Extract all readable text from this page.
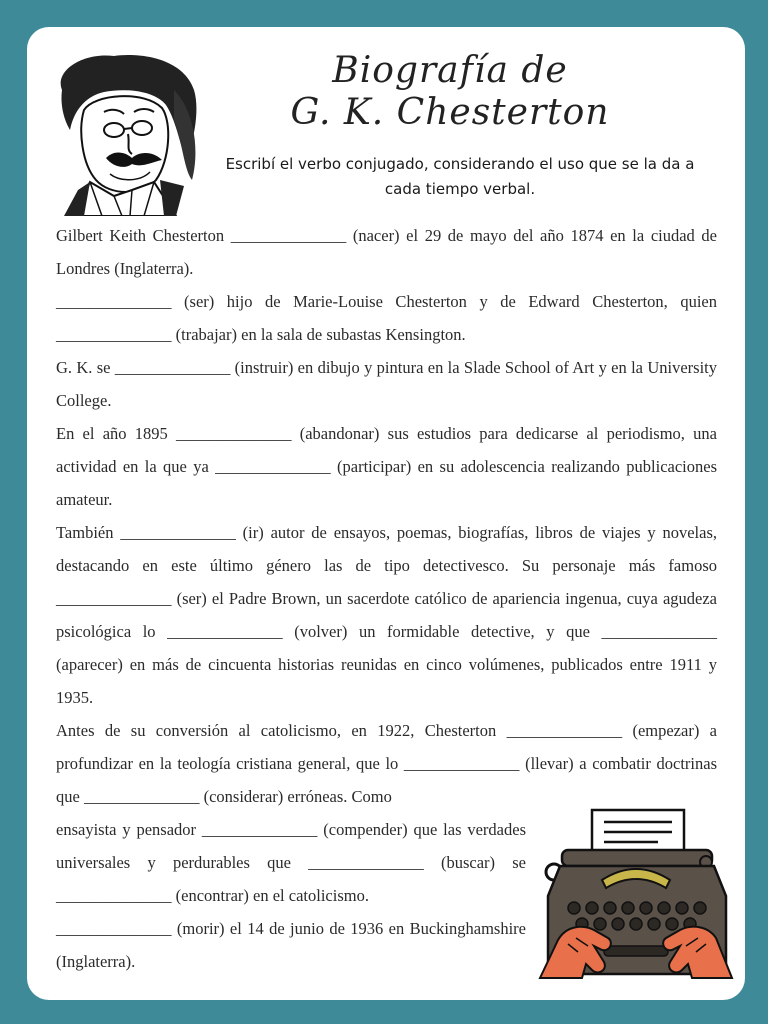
Biografía de
G. K. Chesterton
Escribí el verbo conjugado, considerando el uso que se la da a cada tiempo verbal.

Gilbert Keith Chesterton ______________ (nacer) el 29 de mayo del año 1874 en la ciudad de Londres (Inglaterra).

______________ (ser) hijo de Marie-Louise Chesterton y de Edward Chesterton, quien ______________ (trabajar) en la sala de subastas Kensington.

G. K. se ______________ (instruir) en dibujo y pintura en la Slade School of Art y en la University College.

En el año 1895 ______________ (abandonar) sus estudios para dedicarse al periodismo, una actividad en la que ya ______________ (participar) en su adolescencia realizando publicaciones amateur.

También ______________ (ir) autor de ensayos, poemas, biografías, libros de viajes y novelas, destacando en este último género las de tipo detectivesco. Su personaje más famoso ______________ (ser) el Padre Brown, un sacerdote católico de apariencia ingenua, cuya agudeza psicológica lo ______________ (volver) un formidable detective, y que ______________ (aparecer) en más de cincuenta historias reunidas en cinco volúmenes, publicados entre 1911 y 1935.

Antes de su conversión al catolicismo, en 1922, Chesterton ______________ (empezar) a profundizar en la teología cristiana general, que lo ______________ (llevar) a combatir doctrinas que ______________ (considerar) erróneas. Como

ensayista y pensador ______________ (compender) que las verdades universales y perdurables que ______________ (buscar) se ______________ (encontrar) en el catolicismo.

______________ (morir) el 14 de junio de 1936 en Buckinghamshire (Inglaterra).
